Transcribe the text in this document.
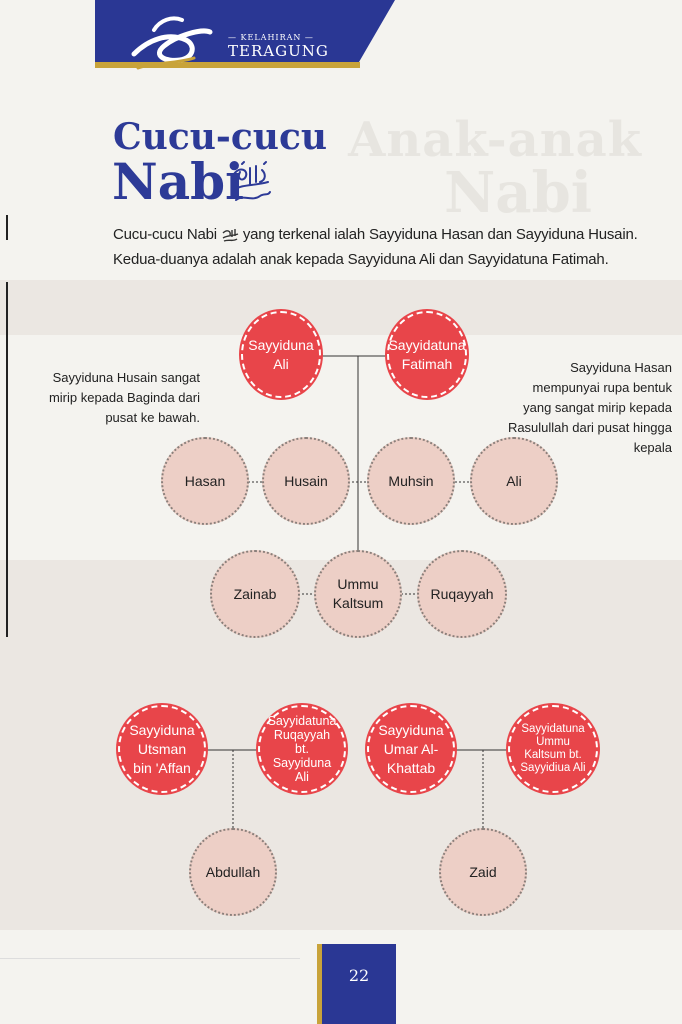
Anak-anak
Nabi
— KELAHIRAN —
TERAGUNG
Cucu-cucu
Nabi
Cucu-cucu Nabi  yang terkenal ialah Sayyiduna Hasan dan Sayyiduna Husain. Kedua-duanya adalah anak kepada Sayyiduna Ali dan Sayyidatuna Fatimah.
Sayyiduna Husain sangat mirip kepada Baginda dari pusat ke bawah.
Sayyiduna Hasan mempunyai rupa bentuk yang sangat mirip kepada Rasulullah dari pusat hingga kepala
Sayyiduna Ali
Sayyidatuna Fatimah
Hasan	Husain	Muhsin	Ali
Zainab
Ummu Kaltsum
Ruqayyah
Sayyiduna Utsman bin 'Affan
Sayyidatuna Ruqayyah bt. Sayyiduna Ali
Sayyiduna Umar Al-Khattab
Sayyidatuna Ummu Kaltsum bt. Sayyidiua Ali
Abdullah	Zaid
22
